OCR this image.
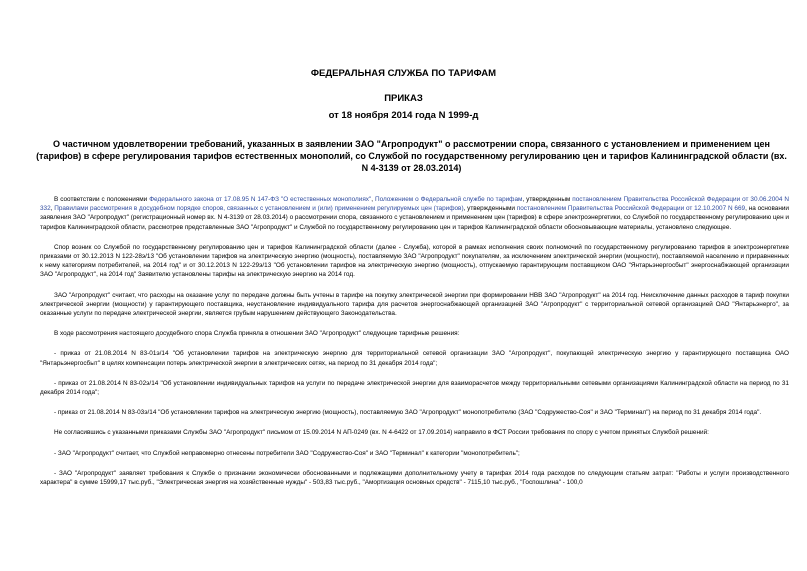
ФЕДЕРАЛЬНАЯ СЛУЖБА ПО ТАРИФАМ
ПРИКАЗ
от 18 ноября 2014 года N 1999-д
О частичном удовлетворении требований, указанных в заявлении ЗАО "Агропродукт" о рассмотрении спора, связанного с установлением и применением цен (тарифов) в сфере регулирования тарифов естественных монополий, со Службой по государственному регулированию цен и тарифов Калининградской области (вх. N 4-3139 от 28.03.2014)

В соответствии с положениями Федерального закона от 17.08.95 N 147-ФЗ "О естественных монополиях", Положением о Федеральной службе по тарифам, утвержденным постановлением Правительства Российской Федерации от 30.06.2004 N 332, Правилами рассмотрения в досудебном порядке споров, связанных с установлением и (или) применением регулируемых цен (тарифов), утвержденными постановлением Правительства Российской Федерации от 12.10.2007 N 669, на основании заявления ЗАО "Агропродукт" (регистрационный номер вх. N 4-3139 от 28.03.2014) о рассмотрении спора, связанного с установлением и применением цен (тарифов) в сфере электроэнергетики, со Службой по государственному регулированию цен и тарифов Калининградской области, рассмотрев представленные ЗАО "Агропродукт" и Службой по государственному регулированию цен и тарифов Калининградской области обосновывающие материалы, установлено следующее.

Спор возник со Службой по государственному регулированию цен и тарифов Калининградской области (далее - Служба), которой в рамках исполнения своих полномочий по государственному регулированию тарифов в электроэнергетике приказами от 30.12.2013 N 122-28э/13 "Об установлении тарифов на электрическую энергию (мощность), поставляемую ЗАО "Агропродукт" покупателям, за исключением электрической энергии (мощности), поставляемой населению и приравненных к нему категориям потребителей, на 2014 год" и от 30.12.2013 N 122-29э/13 "Об установлении тарифов на электрическую энергию (мощность), отпускаемую гарантирующим поставщиком ОАО "Янтарьэнергосбыт" энергоснабжающей организации ЗАО "Агропродукт", на 2014 год" Заявителю установлены тарифы на электрическую энергию на 2014 год.

ЗАО "Агропродукт" считает, что расходы на оказание услуг по передаче должны быть учтены в тарифе на покупку электрической энергии при формировании НВВ ЗАО "Агропродукт" на 2014 год. Неисключение данных расходов в тариф покупки электрической энергии (мощности) у гарантирующего поставщика, неустановление индивидуального тарифа для расчетов энергоснабжающей организацией ЗАО "Агропродукт" с территориальной сетевой организацией ОАО "Янтарьэнерго", за оказанные услуги по передаче электрической энергии, является грубым нарушением действующего Законодательства.

В ходе рассмотрения настоящего досудебного спора Служба приняла в отношении ЗАО "Агропродукт" следующие тарифные решения:

- приказ от 21.08.2014 N 83-01э/14 "Об установлении тарифов на электрическую энергию для территориальной сетевой организации ЗАО "Агропродукт", покупающей электрическую энергию у гарантирующего поставщика ОАО "Янтарьэнергосбыт" в целях компенсации потерь электрической энергии в электрических сетях, на период по 31 декабря 2014 года";

- приказ от 21.08.2014 N 83-02э/14 "Об установлении индивидуальных тарифов на услуги по передаче электрической энергии для взаиморасчетов между территориальными сетевыми организациями Калининградской области на период по 31 декабря 2014 года";

- приказ от 21.08.2014 N 83-03э/14 "Об установлении тарифов на электрическую энергию (мощность), поставляемую ЗАО "Агропродукт" монопотребителю (ЗАО "Содружество-Соя" и ЗАО "Терминал") на период по 31 декабря 2014 года".

Не согласившись с указанными приказами Службы ЗАО "Агропродукт" письмом от 15.09.2014 N АП-0249 (вх. N 4-6422 от 17.09.2014) направило в ФСТ России требования по спору с учетом принятых Службой решений:

- ЗАО "Агропродукт" считает, что Службой неправомерно отнесены потребители ЗАО "Содружество-Соя" и ЗАО "Терминал" к категории "монопотребитель";

- ЗАО "Агропродукт" заявляет требования к Службе о признании экономически обоснованными и подлежащими дополнительному учету в тарифах 2014 года расходов по следующим статьям затрат: "Работы и услуги производственного характера" в сумме 15999,17 тыс.руб., "Электрическая энергия на хозяйственные нужды" - 503,83 тыс.руб., "Амортизация основных средств" - 7115,10 тыс.руб., "Госпошлина" - 100,0
